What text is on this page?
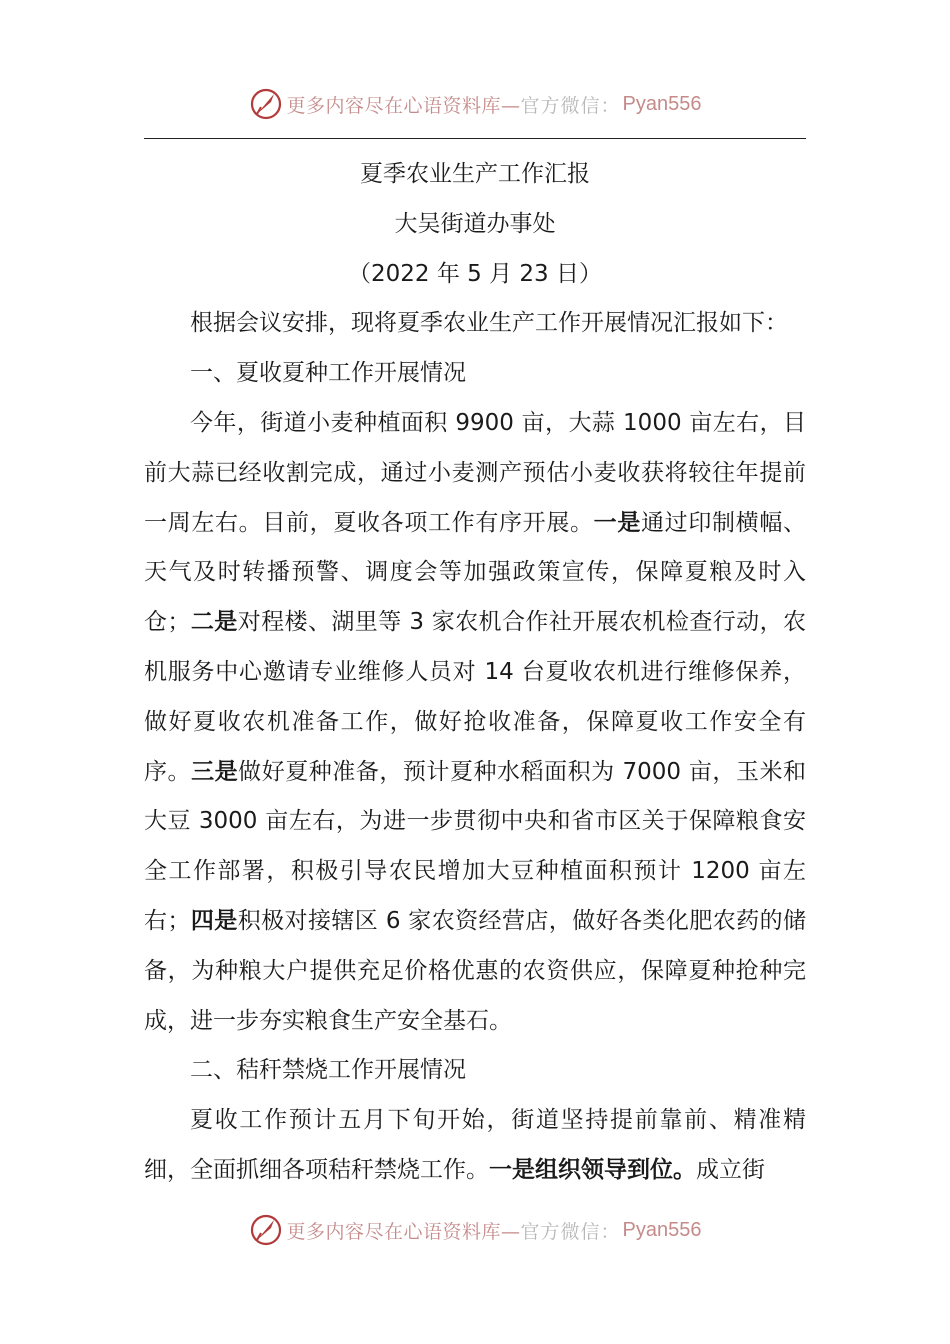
更多内容尽在心语资料库— 官方微信： Pyan556

夏季农业生产工作汇报

大吴街道办事处

（2022 年 5 月 23 日）

根据会议安排，现将夏季农业生产工作开展情况汇报如下：

一、夏收夏种工作开展情况

今年，街道小麦种植面积 9900 亩，大蒜 1000 亩左右，目前大蒜已经收割完成，通过小麦测产预估小麦收获将较往年提前一周左右。目前，夏收各项工作有序开展。一是通过印制横幅、天气及时转播预警、调度会等加强政策宣传，保障夏粮及时入仓；二是对程楼、湖里等 3 家农机合作社开展农机检查行动，农机服务中心邀请专业维修人员对 14 台夏收农机进行维修保养，做好夏收农机准备工作，做好抢收准备，保障夏收工作安全有序。三是做好夏种准备，预计夏种水稻面积为 7000 亩，玉米和大豆 3000 亩左右，为进一步贯彻中央和省市区关于保障粮食安全工作部署，积极引导农民增加大豆种植面积预计 1200 亩左右；四是积极对接辖区 6 家农资经营店，做好各类化肥农药的储备，为种粮大户提供充足价格优惠的农资供应，保障夏种抢种完成，进一步夯实粮食生产安全基石。

二、秸秆禁烧工作开展情况

夏收工作预计五月下旬开始，街道坚持提前靠前、精准精细，全面抓细各项秸秆禁烧工作。一是组织领导到位。成立街

更多内容尽在心语资料库— 官方微信： Pyan556
